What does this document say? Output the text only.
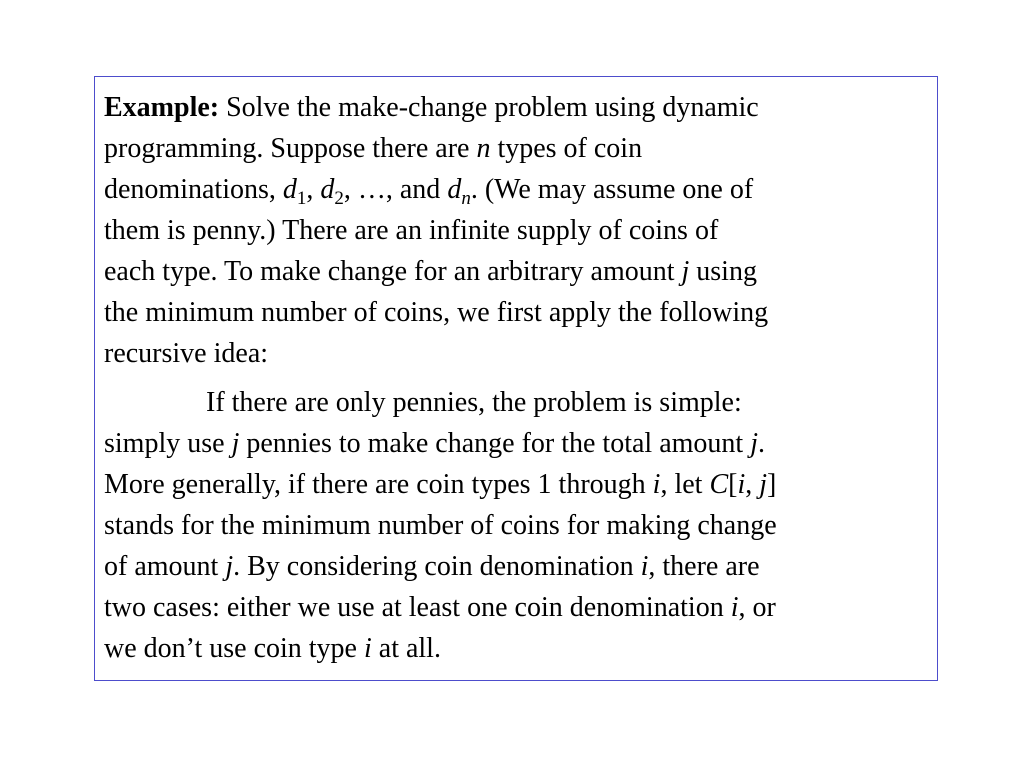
Example: Solve the make-change problem using dynamic

programming. Suppose there are n types of coin

denominations, $d_1$, $d_2$, …, and $d_n$. (We may assume one of

them is penny.) There are an infinite supply of coins of

each type. To make change for an arbitrary amount j using

the minimum number of coins, we first apply the following

recursive idea:

If there are only pennies, the problem is simple:

simply use j pennies to make change for the total amount j.

More generally, if there are coin types 1 through i, let C[i, j]

stands for the minimum number of coins for making change

of amount j. By considering coin denomination i, there are

two cases: either we use at least one coin denomination i, or

we don’t use coin type i at all.
